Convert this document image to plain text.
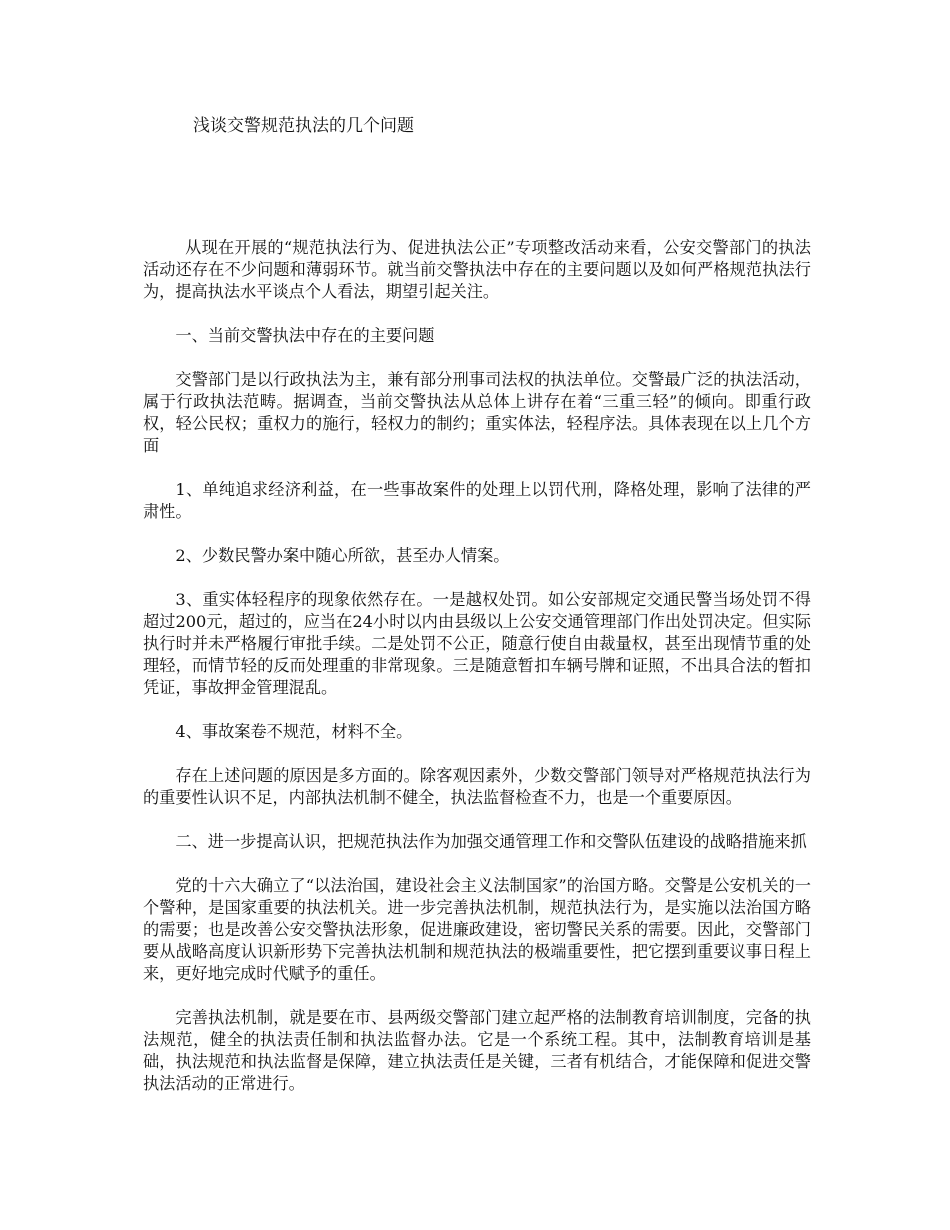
浅谈交警规范执法的几个问题

从现在开展的“规范执法行为、促进执法公正”专项整改活动来看，公安交警部门的执法活动还存在不少问题和薄弱环节。就当前交警执法中存在的主要问题以及如何严格规范执法行为，提高执法水平谈点个人看法，期望引起关注。

一、当前交警执法中存在的主要问题

交警部门是以行政执法为主，兼有部分刑事司法权的执法单位。交警最广泛的执法活动，属于行政执法范畴。据调查，当前交警执法从总体上讲存在着“三重三轻”的倾向。即重行政权，轻公民权；重权力的施行，轻权力的制约；重实体法，轻程序法。具体表现在以上几个方面

1、单纯追求经济利益，在一些事故案件的处理上以罚代刑，降格处理，影响了法律的严肃性。

2、少数民警办案中随心所欲，甚至办人情案。

3、重实体轻程序的现象依然存在。一是越权处罚。如公安部规定交通民警当场处罚不得超过200元，超过的，应当在24小时以内由县级以上公安交通管理部门作出处罚决定。但实际执行时并未严格履行审批手续。二是处罚不公正，随意行使自由裁量权，甚至出现情节重的处理轻，而情节轻的反而处理重的非常现象。三是随意暂扣车辆号牌和证照，不出具合法的暂扣凭证，事故押金管理混乱。

4、事故案卷不规范，材料不全。

存在上述问题的原因是多方面的。除客观因素外，少数交警部门领导对严格规范执法行为的重要性认识不足，内部执法机制不健全，执法监督检查不力，也是一个重要原因。

二、进一步提高认识，把规范执法作为加强交通管理工作和交警队伍建设的战略措施来抓

党的十六大确立了“以法治国，建设社会主义法制国家”的治国方略。交警是公安机关的一个警种，是国家重要的执法机关。进一步完善执法机制，规范执法行为，是实施以法治国方略的需要；也是改善公安交警执法形象，促进廉政建设，密切警民关系的需要。因此，交警部门要从战略高度认识新形势下完善执法机制和规范执法的极端重要性，把它摆到重要议事日程上来，更好地完成时代赋予的重任。

完善执法机制，就是要在市、县两级交警部门建立起严格的法制教育培训制度，完备的执法规范，健全的执法责任制和执法监督办法。它是一个系统工程。其中，法制教育培训是基础，执法规范和执法监督是保障，建立执法责任是关键，三者有机结合，才能保障和促进交警执法活动的正常进行。
